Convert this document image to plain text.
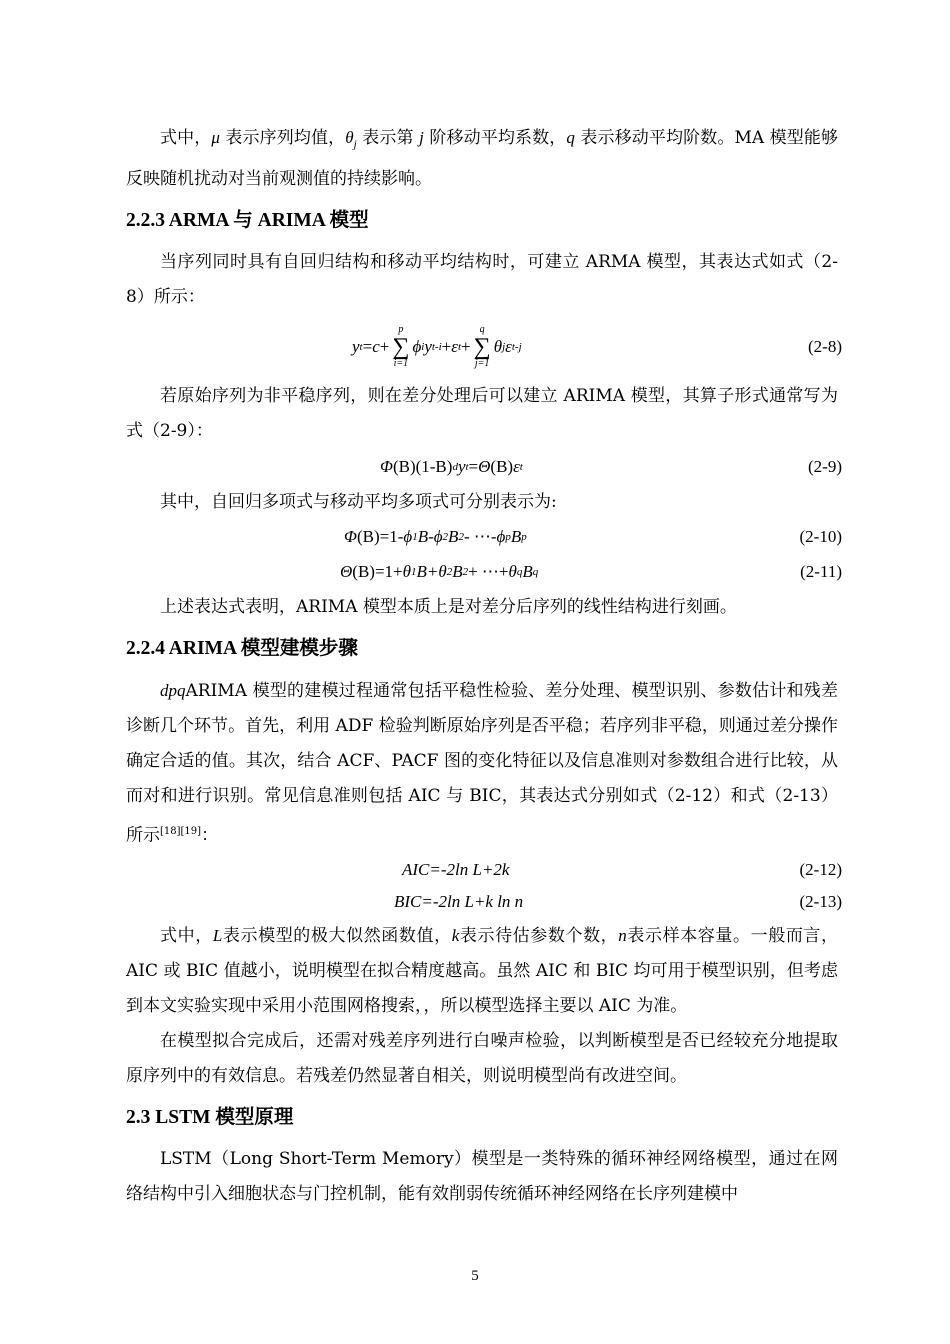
式中，μ 表示序列均值，$\theta_j$ 表示第 j 阶移动平均系数，q 表示移动平均阶数。MA 模型能够反映随机扰动对当前观测值的持续影响。

2.2.3 ARMA 与 ARIMA 模型

当序列同时具有自回归结构和移动平均结构时，可建立 ARMA 模型，其表达式如式（2-8）所示：

y t = c +
p
∑
i=1
ϕ i y t-i + ε t +
q
∑
j=1
θ j ε t-j	(2-8)

若原始序列为非平稳序列，则在差分处理后可以建立 ARIMA 模型，其算子形式通常写为式（2-9）：

Φ (B)(1-B) d y t = Θ (B) ε t	(2-9)

其中，自回归多项式与移动平均多项式可分别表示为:

Φ (B)=1- ϕ 1 B- ϕ 2 B 2 - ⋯- ϕ p B p	(2-10)
Θ (B)=1+ θ 1 B+ θ 2 B 2 + ⋯+ θ q B q	(2-11)

上述表达式表明，ARIMA 模型本质上是对差分后序列的线性结构进行刻画。

2.2.4 ARIMA 模型建模步骤

dpqARIMA 模型的建模过程通常包括平稳性检验、差分处理、模型识别、参数估计和残差诊断几个环节。首先，利用 ADF 检验判断原始序列是否平稳；若序列非平稳，则通过差分操作确定合适的值。其次，结合 ACF、PACF 图的变化特征以及信息准则对参数组合进行比较，从而对和进行识别。常见信息准则包括 AIC 与 BIC，其表达式分别如式（2-12）和式（2-13）所示[18][19]：

AIC=-2ln L+2k	(2-12)
BIC=-2ln L+k ln n	(2-13)

式中，L表示模型的极大似然函数值，k表示待估参数个数，n表示样本容量。一般而言，AIC 或 BIC 值越小，说明模型在拟合精度越高。虽然 AIC 和 BIC 均可用于模型识别，但考虑到本文实验实现中采用小范围网格搜索，，所以模型选择主要以 AIC 为准。

在模型拟合完成后，还需对残差序列进行白噪声检验，以判断模型是否已经较充分地提取原序列中的有效信息。若残差仍然显著自相关，则说明模型尚有改进空间。

2.3 LSTM 模型原理

LSTM（Long Short-Term Memory）模型是一类特殊的循环神经网络模型，通过在网络结构中引入细胞状态与门控机制，能有效削弱传统循环神经网络在长序列建模中

5
